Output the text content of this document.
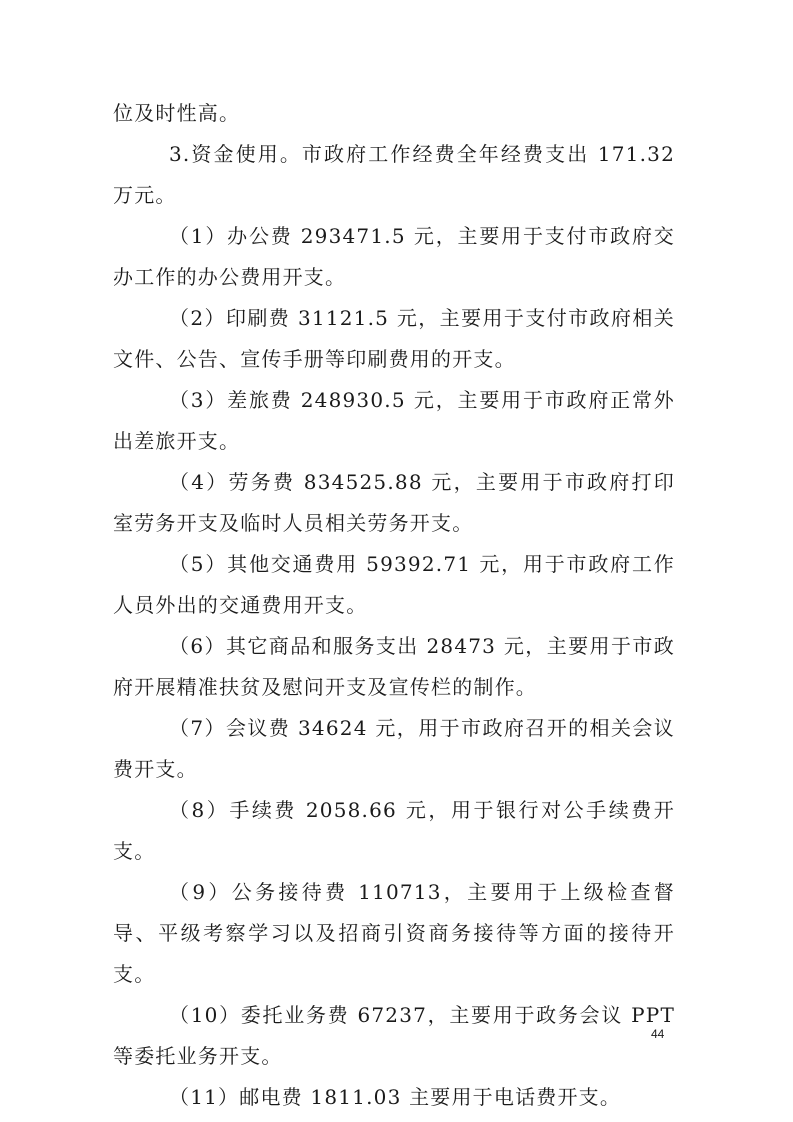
位及时性高。

3.资金使用。市政府工作经费全年经费支出 171.32 万元。

（1）办公费 293471.5 元，主要用于支付市政府交办工作的办公费用开支。

（2）印刷费 31121.5 元，主要用于支付市政府相关文件、公告、宣传手册等印刷费用的开支。

（3）差旅费 248930.5 元，主要用于市政府正常外出差旅开支。

（4）劳务费 834525.88 元，主要用于市政府打印室劳务开支及临时人员相关劳务开支。

（5）其他交通费用 59392.71 元，用于市政府工作人员外出的交通费用开支。

（6）其它商品和服务支出 28473 元，主要用于市政府开展精准扶贫及慰问开支及宣传栏的制作。

（7）会议费 34624 元，用于市政府召开的相关会议费开支。

（8）手续费 2058.66 元，用于银行对公手续费开支。

（9）公务接待费 110713，主要用于上级检查督导、平级考察学习以及招商引资商务接待等方面的接待开支。

（10）委托业务费 67237，主要用于政务会议 PPT 等委托业务开支。

（11）邮电费 1811.03 主要用于电话费开支。

44
